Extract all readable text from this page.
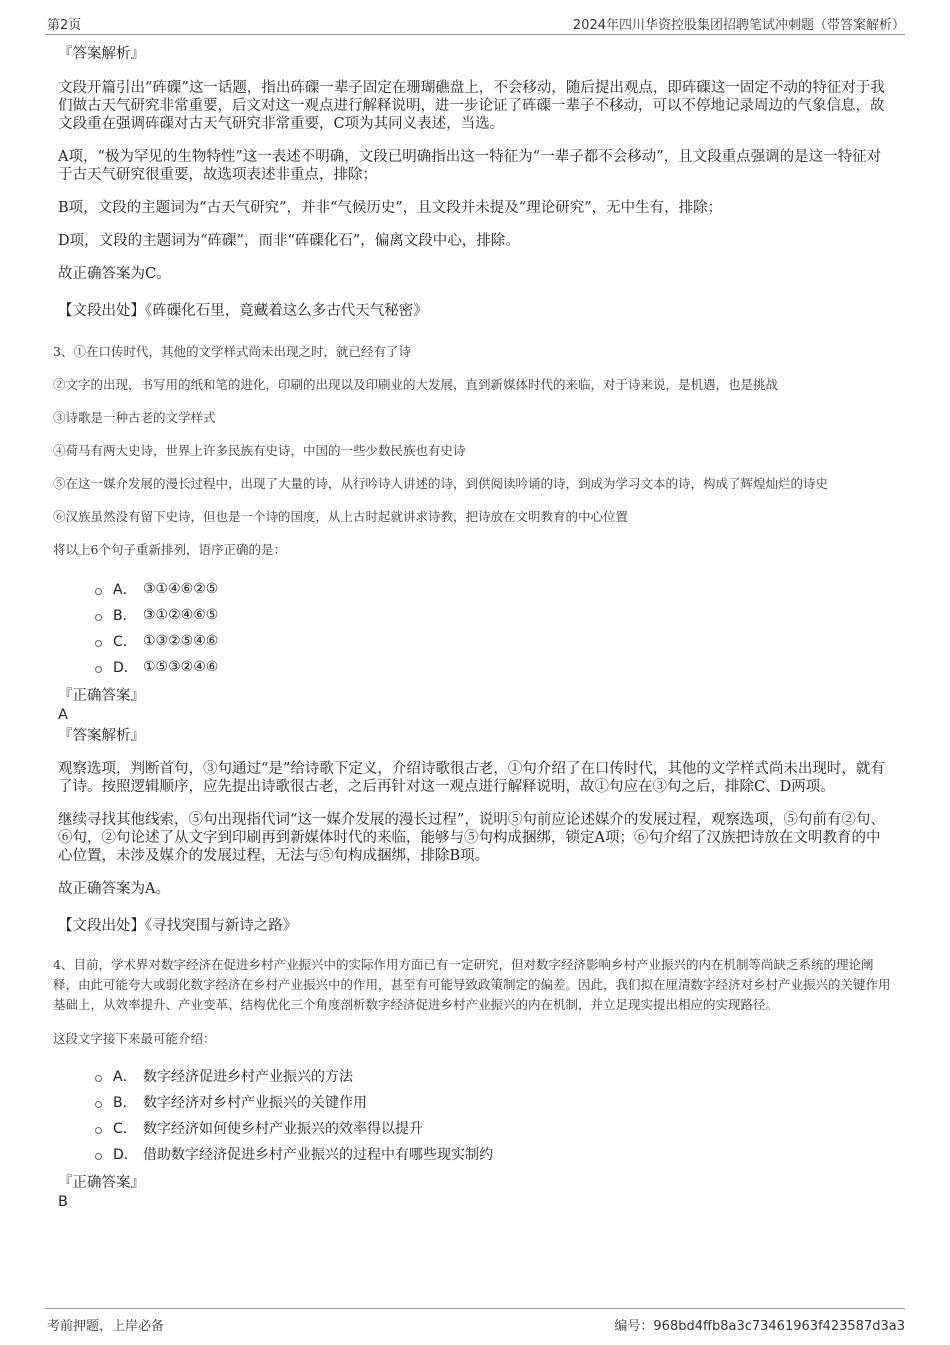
第2页	2024年四川华资控股集团招聘笔试冲刺题（带答案解析）
『答案解析』
文段开篇引出“砗磲”这一话题，指出砗磲一辈子固定在珊瑚礁盘上，不会移动，随后提出观点，即砗磲这一固定不动的特征对于我们做古天气研究非常重要，后文对这一观点进行解释说明，进一步论证了砗磲一辈子不移动，可以不停地记录周边的气象信息，故文段重在强调砗磲对古天气研究非常重要，C项为其同义表述，当选。
A项，“极为罕见的生物特性”这一表述不明确，文段已明确指出这一特征为“一辈子都不会移动”，且文段重点强调的是这一特征对于古天气研究很重要，故选项表述非重点，排除；
B项，文段的主题词为“古天气研究”，并非“气候历史”，且文段并未提及“理论研究”，无中生有，排除；
D项，文段的主题词为“砗磲”，而非“砗磲化石”，偏离文段中心，排除。
故正确答案为C。
【文段出处】《砗磲化石里，竟藏着这么多古代天气秘密》
3、①在口传时代，其他的文学样式尚未出现之时，就已经有了诗
②文字的出现，书写用的纸和笔的进化，印刷的出现以及印刷业的大发展，直到新媒体时代的来临，对于诗来说，是机遇，也是挑战
③诗歌是一种古老的文学样式
④荷马有两大史诗，世界上许多民族有史诗，中国的一些少数民族也有史诗
⑤在这一媒介发展的漫长过程中，出现了大量的诗，从行吟诗人讲述的诗，到供阅读吟诵的诗，到成为学习文本的诗，构成了辉煌灿烂的诗史
⑥汉族虽然没有留下史诗，但也是一个诗的国度，从上古时起就讲求诗教，把诗放在文明教育的中心位置
将以上6个句子重新排列，语序正确的是：
A． ③①④⑥②⑤
B． ③①②④⑥⑤
C． ①③②⑤④⑥
D． ①⑤③②④⑥
『正确答案』
A
『答案解析』
观察选项，判断首句，③句通过“是”给诗歌下定义，介绍诗歌很古老，①句介绍了在口传时代，其他的文学样式尚未出现时，就有了诗。按照逻辑顺序，应先提出诗歌很古老，之后再针对这一观点进行解释说明，故①句应在③句之后，排除C、D两项。
继续寻找其他线索，⑤句出现指代词“这一媒介发展的漫长过程”，说明⑤句前应论述媒介的发展过程，观察选项，⑤句前有②句、⑥句，②句论述了从文字到印刷再到新媒体时代的来临，能够与⑤句构成捆绑，锁定A项；⑥句介绍了汉族把诗放在文明教育的中心位置，未涉及媒介的发展过程，无法与⑤句构成捆绑，排除B项。
故正确答案为A。
【文段出处】《寻找突围与新诗之路》
4、目前，学术界对数字经济在促进乡村产业振兴中的实际作用方面已有一定研究，但对数字经济影响乡村产业振兴的内在机制等尚缺乏系统的理论阐释，由此可能夸大或弱化数字经济在乡村产业振兴中的作用，甚至有可能导致政策制定的偏差。因此，我们拟在厘清数字经济对乡村产业振兴的关键作用基础上，从效率提升、产业变革、结构优化三个角度剖析数字经济促进乡村产业振兴的内在机制，并立足现实提出相应的实现路径。
这段文字接下来最可能介绍：
A． 数字经济促进乡村产业振兴的方法
B． 数字经济对乡村产业振兴的关键作用
C． 数字经济如何使乡村产业振兴的效率得以提升
D． 借助数字经济促进乡村产业振兴的过程中有哪些现实制约
『正确答案』
B
考前押题，上岸必备	编号：968bd4ffb8a3c73461963f423587d3a3
